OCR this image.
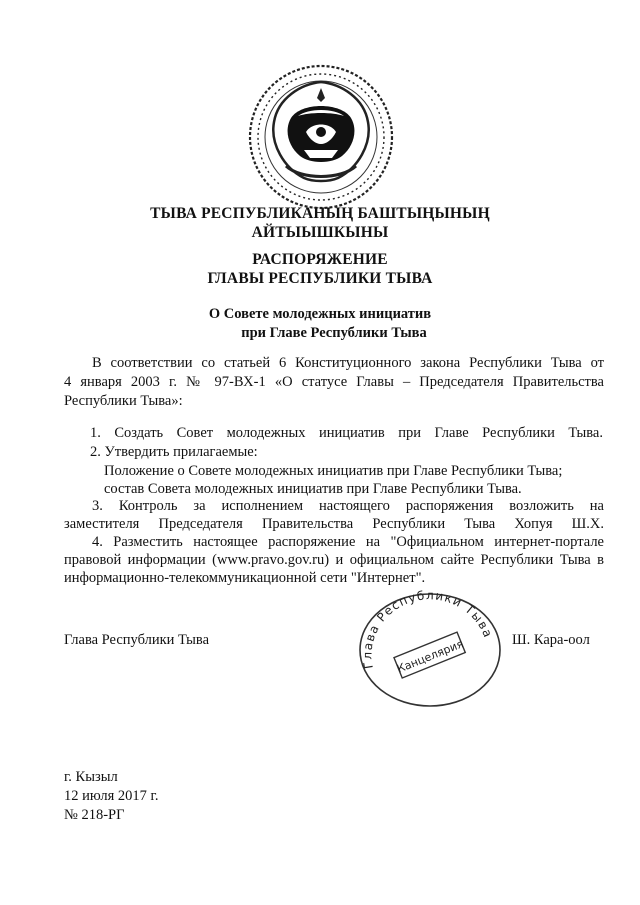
ТЫВА РЕСПУБЛИКАНЫҢ БАШТЫҢЫНЫҢ
АЙТЫЫШКЫНЫ
РАСПОРЯЖЕНИЕ
ГЛАВЫ РЕСПУБЛИКИ ТЫВА
О Совете молодежных инициатив
при Главе Республики Тыва
В соответствии со статьей 6 Конституционного закона Республики Тыва от
4 января 2003 г. № 97-ВХ-1 «О статусе Главы – Председателя Правительства
Республики Тыва»:
1. Создать Совет молодежных инициатив при Главе Республики Тыва.
2. Утвердить прилагаемые:
Положение о Совете молодежных инициатив при Главе Республики Тыва;
состав Совета молодежных инициатив при Главе Республики Тыва.
3. Контроль за исполнением настоящего распоряжения возложить на
заместителя Председателя Правительства Республики Тыва Хопуя Ш.Х.
4. Разместить настоящее распоряжение на "Официальном интернет-портале
правовой информации (www.pravo.gov.ru) и официальном сайте Республики Тыва в
информационно-телекоммуникационной сети "Интернет".
Глава Республики Тыва
Канцелярия
Глава Республики Тыва	Ш. Кара-оол
г. Кызыл
12 июля 2017 г.
№ 218-РГ
